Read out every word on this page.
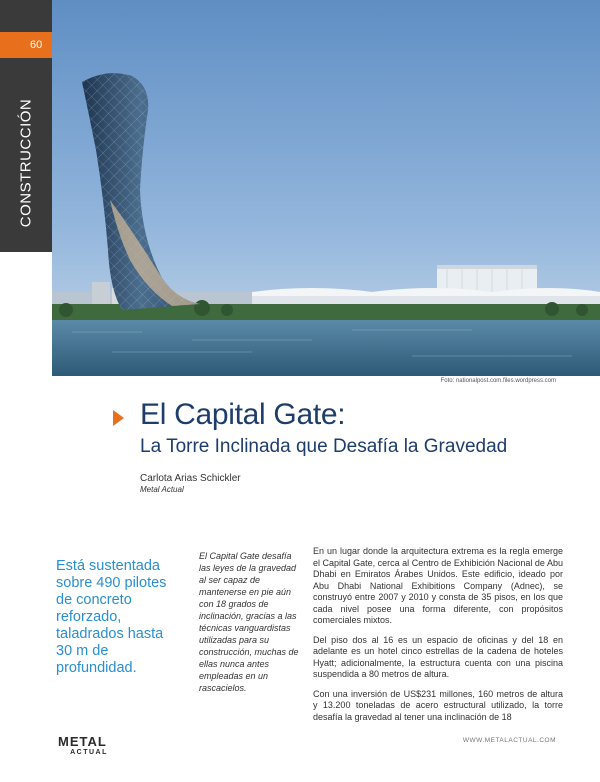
60
CONSTRUCCIÓN
Foto: nationalpost.com.files.wordpress.com
El Capital Gate:
La Torre Inclinada que Desafía la Gravedad
Carlota Arias Schickler
Metal Actual
Está sustentada sobre 490 pilotes de concreto reforzado, taladrados hasta 30 m de profundidad.
El Capital Gate desafía las leyes de la gravedad al ser capaz de mantenerse en pie aún con 18 grados de inclinación, gracias a las técnicas vanguardistas utilizadas para su construcción, muchas de ellas nunca antes empleadas en un rascacielos.

En un lugar donde la arquitectura extrema es la regla emerge el Capital Gate, cerca al Centro de Exhibición Nacional de Abu Dhabi en Emiratos Árabes Unidos. Este edificio, ideado por Abu Dhabi National Exhibitions Company (Adnec), se construyó entre 2007 y 2010 y consta de 35 pisos, en los que cada nivel posee una forma diferente, con propósitos comerciales mixtos.

Del piso dos al 16 es un espacio de oficinas y del 18 en adelante es un hotel cinco estrellas de la cadena de hoteles Hyatt; adicionalmente, la estructura cuenta con una piscina suspendida a 80 metros de altura.

Con una inversión de US$231 millones, 160 metros de altura y 13.200 toneladas de acero estructural utilizado, la torre desafía la gravedad al tener una inclinación de 18

METAL
ACTUAL
WWW.METALACTUAL.COM
